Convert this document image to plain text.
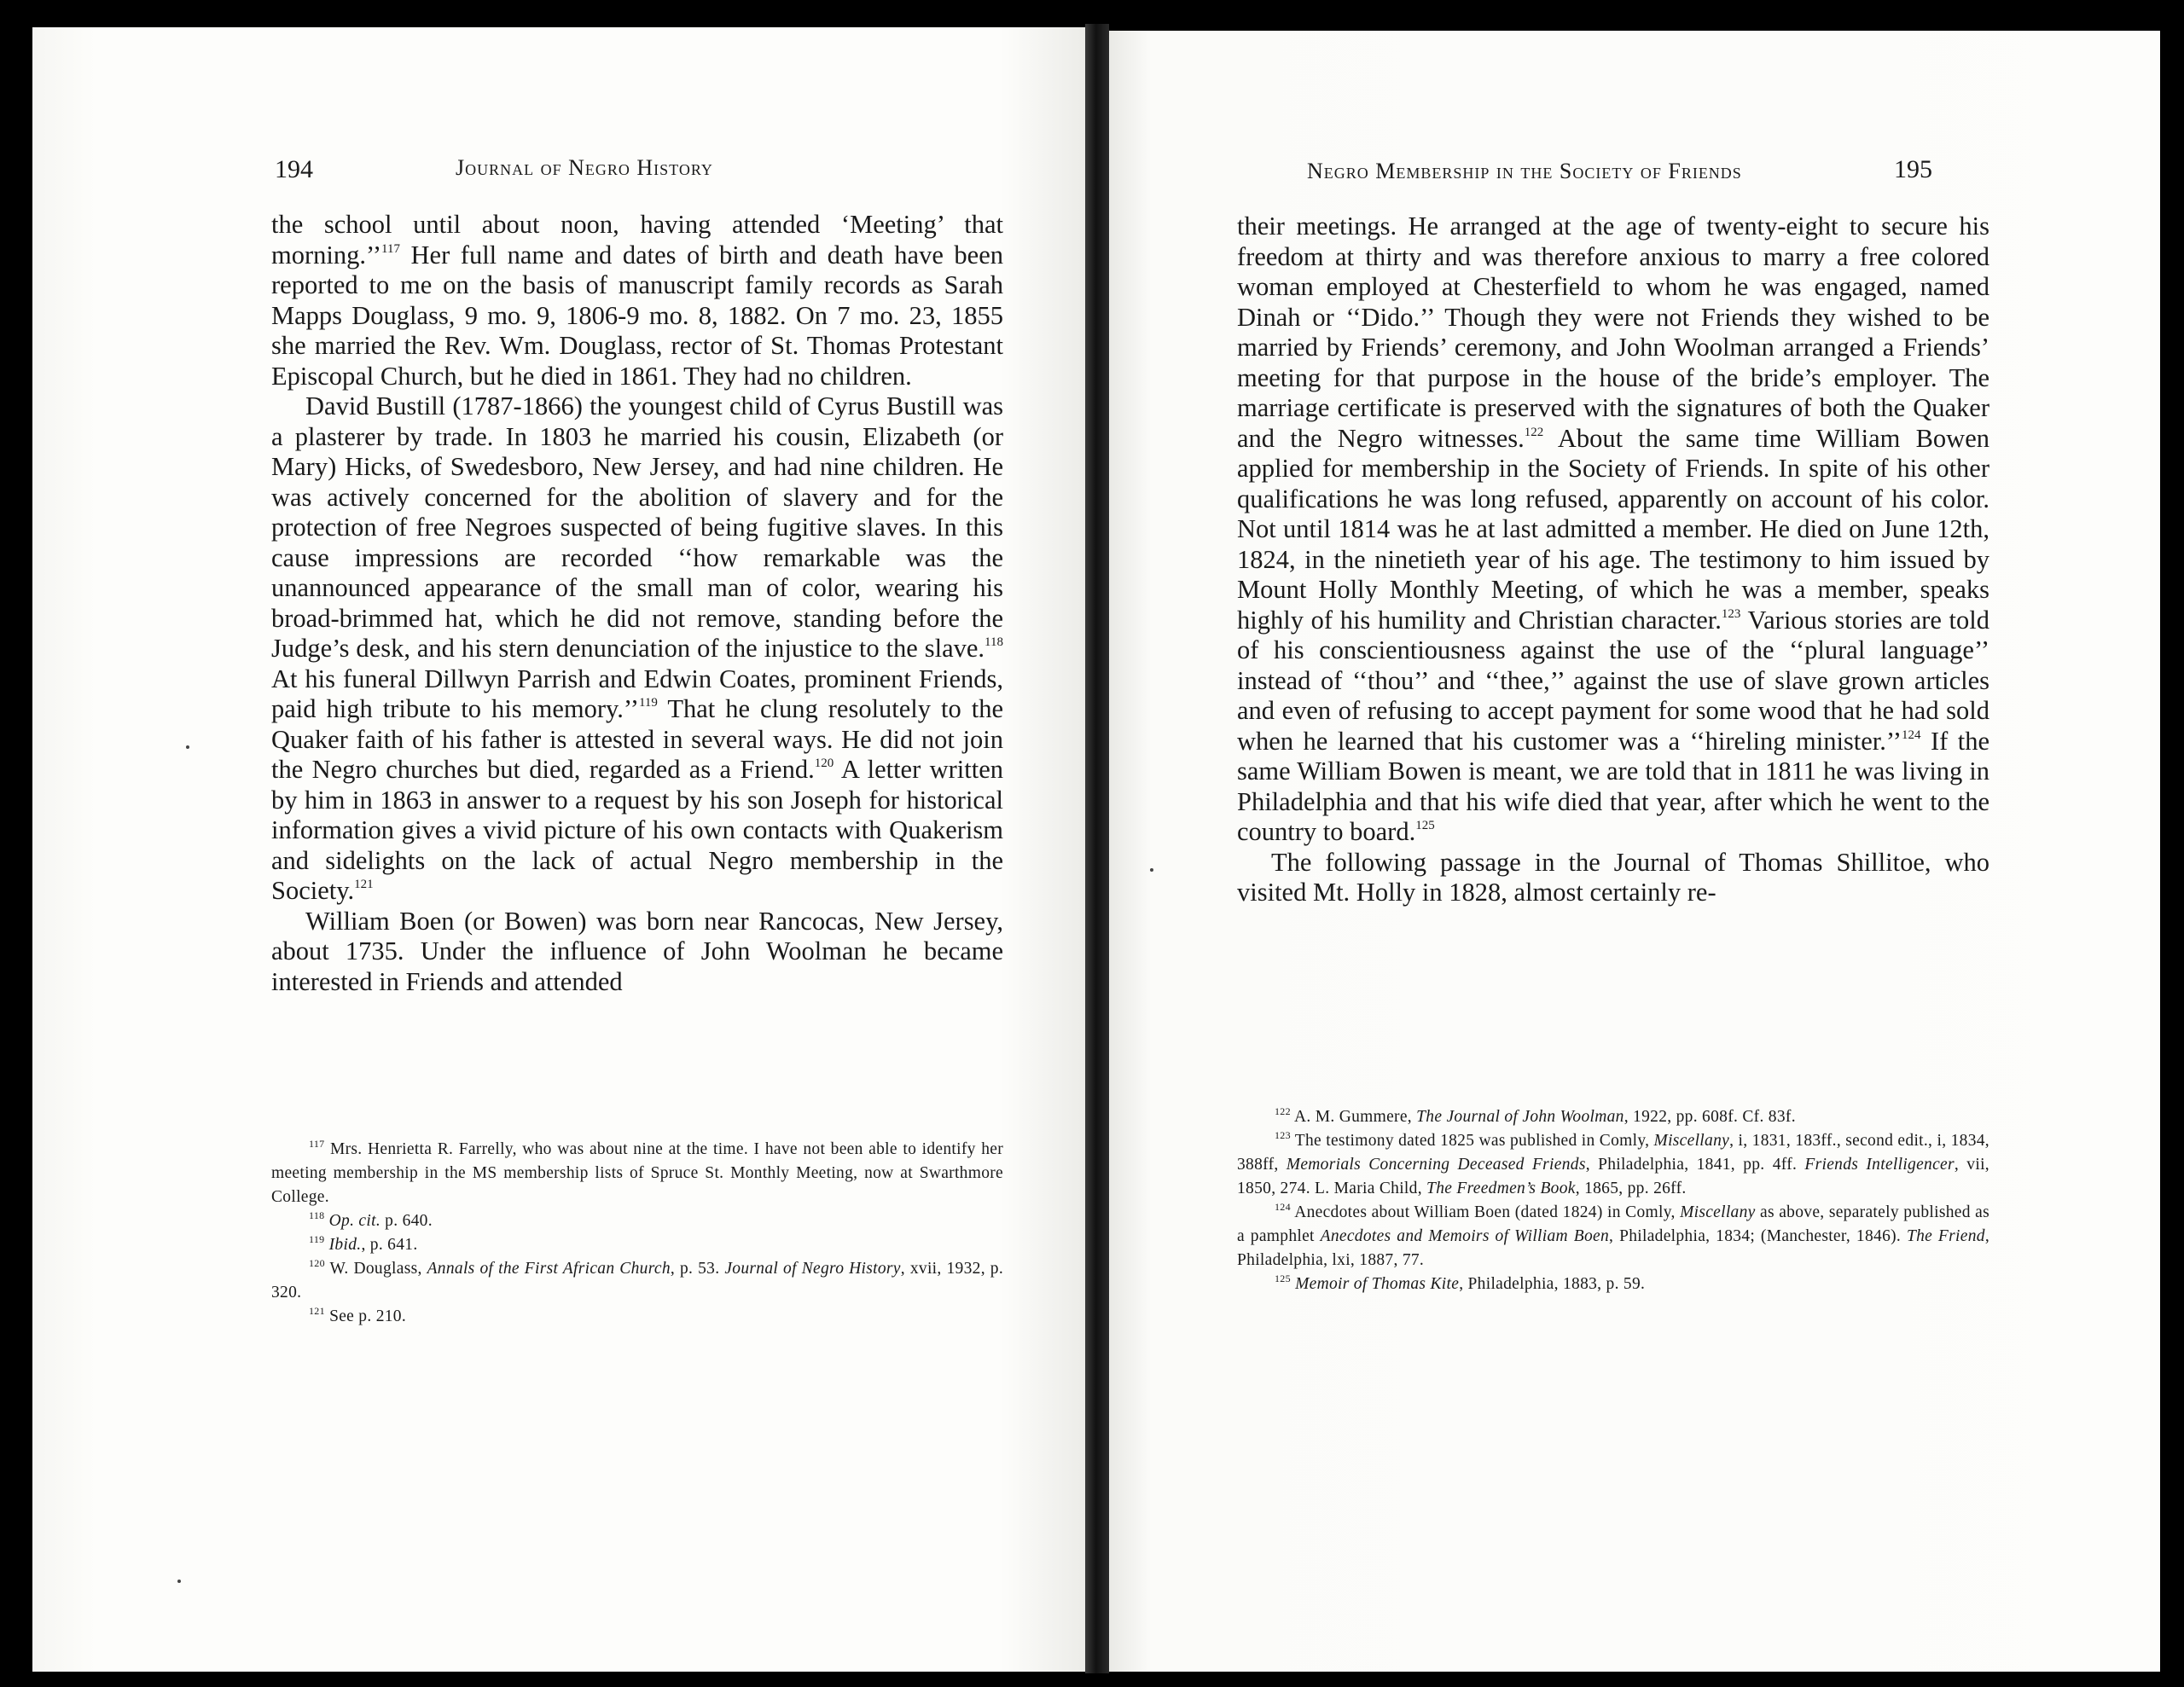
194	Journal of Negro History

the school until about noon, having attended ‘Meeting’ that morning.’’$^{117}$ Her full name and dates of birth and death have been reported to me on the basis of manuscript family records as Sarah Mapps Douglass, 9 mo. 9, 1806-9 mo. 8, 1882. On 7 mo. 23, 1855 she married the Rev. Wm. Douglass, rector of St. Thomas Protestant Episcopal Church, but he died in 1861. They had no children.

David Bustill (1787-1866) the youngest child of Cyrus Bustill was a plasterer by trade. In 1803 he married his cousin, Elizabeth (or Mary) Hicks, of Swedesboro, New Jersey, and had nine children. He was actively concerned for the abolition of slavery and for the protection of free Negroes suspected of being fugitive slaves. In this cause impressions are recorded ‘‘how remarkable was the unannounced appearance of the small man of color, wearing his broad-brimmed hat, which he did not remove, standing before the Judge’s desk, and his stern denunciation of the injustice to the slave.$^{118}$ At his funeral Dillwyn Parrish and Edwin Coates, prominent Friends, paid high tribute to his memory.’’$^{119}$ That he clung resolutely to the Quaker faith of his father is attested in several ways. He did not join the Negro churches but died, regarded as a Friend.$^{120}$ A letter written by him in 1863 in answer to a request by his son Joseph for historical information gives a vivid picture of his own contacts with Quakerism and sidelights on the lack of actual Negro membership in the Society.$^{121}$

William Boen (or Bowen) was born near Rancocas, New Jersey, about 1735. Under the influence of John Woolman he became interested in Friends and attended

$^{117}$ Mrs. Henrietta R. Farrelly, who was about nine at the time. I have not been able to identify her meeting membership in the MS membership lists of Spruce St. Monthly Meeting, now at Swarthmore College.

$^{118}$ Op. cit. p. 640.

$^{119}$ Ibid., p. 641.

$^{120}$ W. Douglass, Annals of the First African Church, p. 53. Journal of Negro History, xvii, 1932, p. 320.

$^{121}$ See p. 210.

Negro Membership in the Society of Friends	195

their meetings. He arranged at the age of twenty-eight to secure his freedom at thirty and was therefore anxious to marry a free colored woman employed at Chesterfield to whom he was engaged, named Dinah or ‘‘Dido.’’ Though they were not Friends they wished to be married by Friends’ ceremony, and John Woolman arranged a Friends’ meeting for that purpose in the house of the bride’s employer. The marriage certificate is preserved with the signatures of both the Quaker and the Negro witnesses.$^{122}$ About the same time William Bowen applied for membership in the Society of Friends. In spite of his other qualifications he was long refused, apparently on account of his color. Not until 1814 was he at last admitted a member. He died on June 12th, 1824, in the ninetieth year of his age. The testimony to him issued by Mount Holly Monthly Meeting, of which he was a member, speaks highly of his humility and Christian character.$^{123}$ Various stories are told of his conscientiousness against the use of the ‘‘plural language’’ instead of ‘‘thou’’ and ‘‘thee,’’ against the use of slave grown articles and even of refusing to accept payment for some wood that he had sold when he learned that his customer was a ‘‘hireling minister.’’$^{124}$ If the same William Bowen is meant, we are told that in 1811 he was living in Philadelphia and that his wife died that year, after which he went to the country to board.$^{125}$

The following passage in the Journal of Thomas Shillitoe, who visited Mt. Holly in 1828, almost certainly re-

$^{122}$ A. M. Gummere, The Journal of John Woolman, 1922, pp. 608f. Cf. 83f.

$^{123}$ The testimony dated 1825 was published in Comly, Miscellany, i, 1831, 183ff., second edit., i, 1834, 388ff, Memorials Concerning Deceased Friends, Philadelphia, 1841, pp. 4ff. Friends Intelligencer, vii, 1850, 274. L. Maria Child, The Freedmen’s Book, 1865, pp. 26ff.

$^{124}$ Anecdotes about William Boen (dated 1824) in Comly, Miscellany as above, separately published as a pamphlet Anecdotes and Memoirs of William Boen, Philadelphia, 1834; (Manchester, 1846). The Friend, Philadelphia, lxi, 1887, 77.

$^{125}$ Memoir of Thomas Kite, Philadelphia, 1883, p. 59.
